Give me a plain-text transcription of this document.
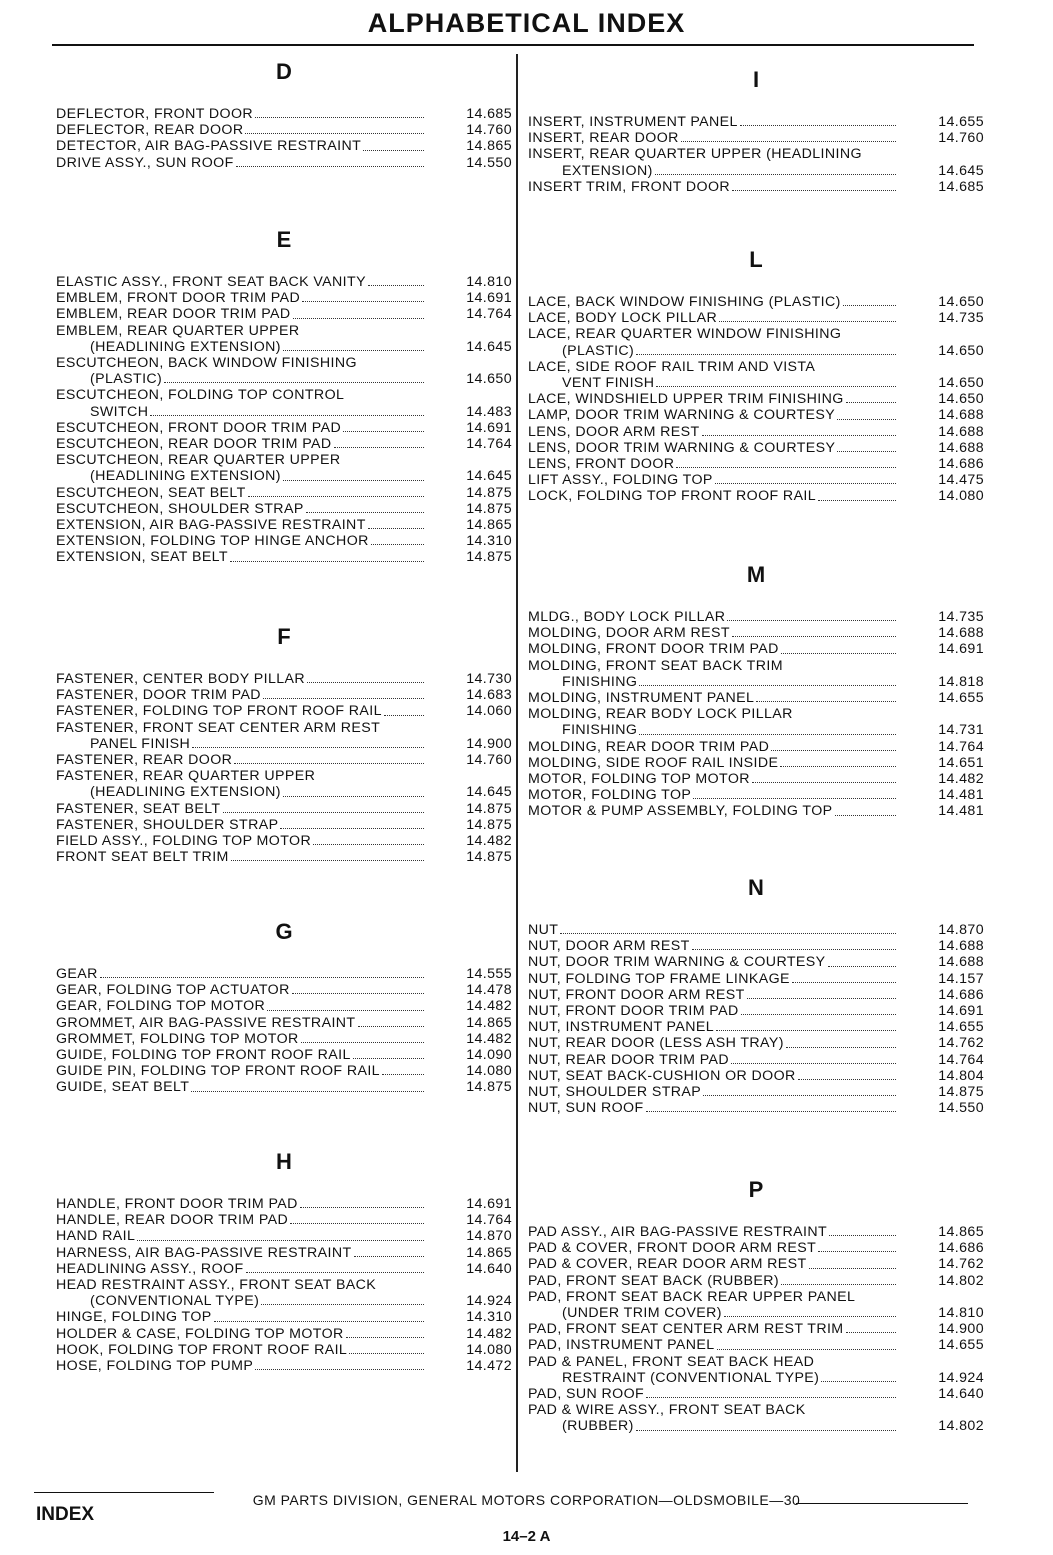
ALPHABETICAL INDEX
D
DEFLECTOR, FRONT DOOR	14.685
DEFLECTOR, REAR DOOR	14.760
DETECTOR, AIR BAG-PASSIVE RESTRAINT	14.865
DRIVE ASSY., SUN ROOF	14.550
E
ELASTIC ASSY., FRONT SEAT BACK VANITY	14.810
EMBLEM, FRONT DOOR TRIM PAD	14.691
EMBLEM, REAR DOOR TRIM PAD	14.764
EMBLEM, REAR QUARTER UPPER
(HEADLINING EXTENSION)	14.645
ESCUTCHEON, BACK WINDOW FINISHING
(PLASTIC)	14.650
ESCUTCHEON, FOLDING TOP CONTROL
SWITCH	14.483
ESCUTCHEON, FRONT DOOR TRIM PAD	14.691
ESCUTCHEON, REAR DOOR TRIM PAD	14.764
ESCUTCHEON, REAR QUARTER UPPER
(HEADLINING EXTENSION)	14.645
ESCUTCHEON, SEAT BELT	14.875
ESCUTCHEON, SHOULDER STRAP	14.875
EXTENSION, AIR BAG-PASSIVE RESTRAINT	14.865
EXTENSION, FOLDING TOP HINGE ANCHOR	14.310
EXTENSION, SEAT BELT	14.875
F
FASTENER, CENTER BODY PILLAR	14.730
FASTENER, DOOR TRIM PAD	14.683
FASTENER, FOLDING TOP FRONT ROOF RAIL	14.060
FASTENER, FRONT SEAT CENTER ARM REST
PANEL FINISH	14.900
FASTENER, REAR DOOR	14.760
FASTENER, REAR QUARTER UPPER
(HEADLINING EXTENSION)	14.645
FASTENER, SEAT BELT	14.875
FASTENER, SHOULDER STRAP	14.875
FIELD ASSY., FOLDING TOP MOTOR	14.482
FRONT SEAT BELT TRIM	14.875
G
GEAR	14.555
GEAR, FOLDING TOP ACTUATOR	14.478
GEAR, FOLDING TOP MOTOR	14.482
GROMMET, AIR BAG-PASSIVE RESTRAINT	14.865
GROMMET, FOLDING TOP MOTOR	14.482
GUIDE, FOLDING TOP FRONT ROOF RAIL	14.090
GUIDE PIN, FOLDING TOP FRONT ROOF RAIL	14.080
GUIDE, SEAT BELT	14.875
H
HANDLE, FRONT DOOR TRIM PAD	14.691
HANDLE, REAR DOOR TRIM PAD	14.764
HAND RAIL	14.870
HARNESS, AIR BAG-PASSIVE RESTRAINT	14.865
HEADLINING ASSY., ROOF	14.640
HEAD RESTRAINT ASSY., FRONT SEAT BACK
(CONVENTIONAL TYPE)	14.924
HINGE, FOLDING TOP	14.310
HOLDER & CASE, FOLDING TOP MOTOR	14.482
HOOK, FOLDING TOP FRONT ROOF RAIL	14.080
HOSE, FOLDING TOP PUMP	14.472
I
INSERT, INSTRUMENT PANEL	14.655
INSERT, REAR DOOR	14.760
INSERT, REAR QUARTER UPPER (HEADLINING
EXTENSION)	14.645
INSERT TRIM, FRONT DOOR	14.685
L
LACE, BACK WINDOW FINISHING (PLASTIC)	14.650
LACE, BODY LOCK PILLAR	14.735
LACE, REAR QUARTER WINDOW FINISHING
(PLASTIC)	14.650
LACE, SIDE ROOF RAIL TRIM AND VISTA
VENT FINISH	14.650
LACE, WINDSHIELD UPPER TRIM FINISHING	14.650
LAMP, DOOR TRIM WARNING & COURTESY	14.688
LENS, DOOR ARM REST	14.688
LENS, DOOR TRIM WARNING & COURTESY	14.688
LENS, FRONT DOOR	14.686
LIFT ASSY., FOLDING TOP	14.475
LOCK, FOLDING TOP FRONT ROOF RAIL	14.080
M
MLDG., BODY LOCK PILLAR	14.735
MOLDING, DOOR ARM REST	14.688
MOLDING, FRONT DOOR TRIM PAD	14.691
MOLDING, FRONT SEAT BACK TRIM
FINISHING	14.818
MOLDING, INSTRUMENT PANEL	14.655
MOLDING, REAR BODY LOCK PILLAR
FINISHING	14.731
MOLDING, REAR DOOR TRIM PAD	14.764
MOLDING, SIDE ROOF RAIL INSIDE	14.651
MOTOR, FOLDING TOP MOTOR	14.482
MOTOR, FOLDING TOP	14.481
MOTOR & PUMP ASSEMBLY, FOLDING TOP	14.481
N
NUT	14.870
NUT, DOOR ARM REST	14.688
NUT, DOOR TRIM WARNING & COURTESY	14.688
NUT, FOLDING TOP FRAME LINKAGE	14.157
NUT, FRONT DOOR ARM REST	14.686
NUT, FRONT DOOR TRIM PAD	14.691
NUT, INSTRUMENT PANEL	14.655
NUT, REAR DOOR (LESS ASH TRAY)	14.762
NUT, REAR DOOR TRIM PAD	14.764
NUT, SEAT BACK-CUSHION OR DOOR	14.804
NUT, SHOULDER STRAP	14.875
NUT, SUN ROOF	14.550
P
PAD ASSY., AIR BAG-PASSIVE RESTRAINT	14.865
PAD & COVER, FRONT DOOR ARM REST	14.686
PAD & COVER, REAR DOOR ARM REST	14.762
PAD, FRONT SEAT BACK (RUBBER)	14.802
PAD, FRONT SEAT BACK REAR UPPER PANEL
(UNDER TRIM COVER)	14.810
PAD, FRONT SEAT CENTER ARM REST TRIM	14.900
PAD, INSTRUMENT PANEL	14.655
PAD & PANEL, FRONT SEAT BACK HEAD
RESTRAINT (CONVENTIONAL TYPE)	14.924
PAD, SUN ROOF	14.640
PAD & WIRE ASSY., FRONT SEAT BACK
(RUBBER)	14.802
GM PARTS DIVISION, GENERAL MOTORS CORPORATION—OLDSMOBILE—30
INDEX
14–2 A
